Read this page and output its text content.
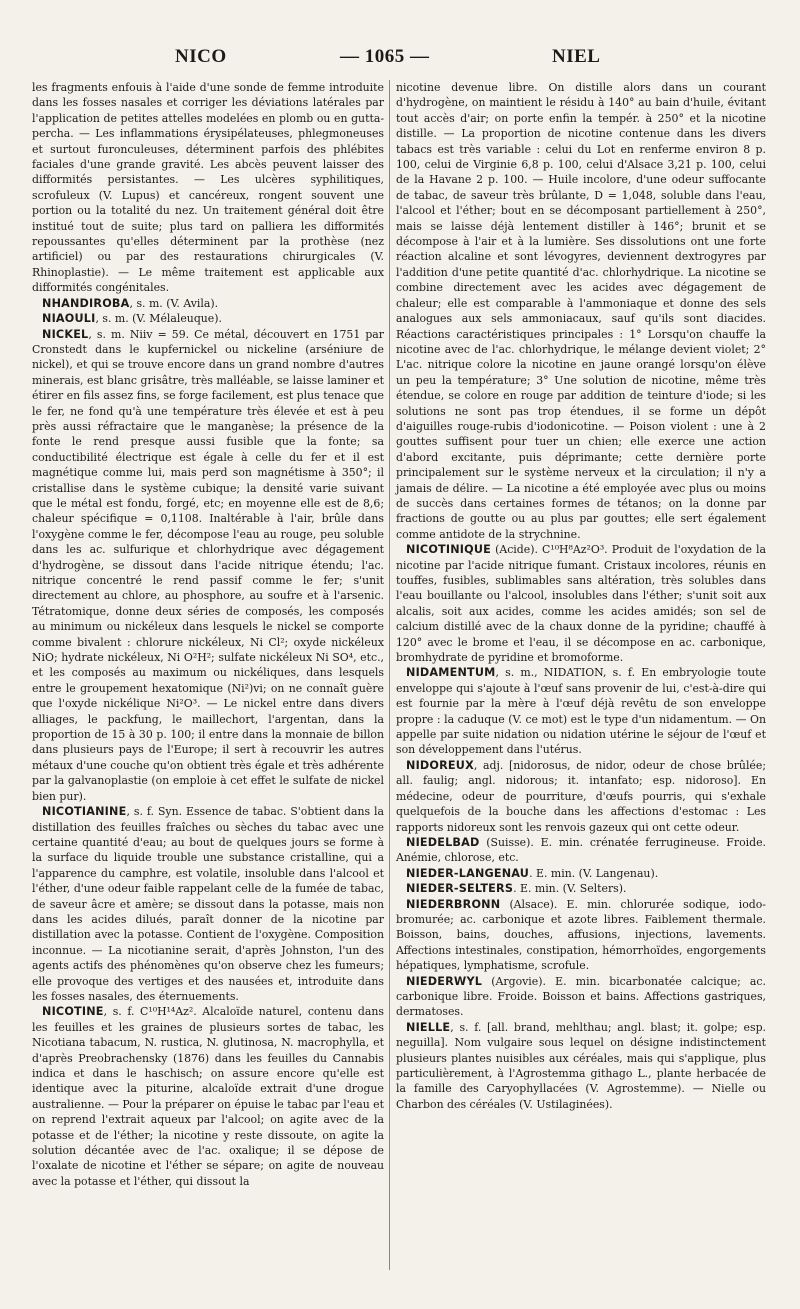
NICO	— 1065 —	NIEL

les fragments enfouis à l'aide d'une sonde de femme introduite dans les fosses nasales et corriger les déviations latérales par l'application de petites attelles modelées en plomb ou en gutta-percha. — Les inflammations érysipélateuses, phlegmoneuses et surtout furonculeuses, déterminent parfois des phlébites faciales d'une grande gravité. Les abcès peuvent laisser des difformités persistantes. — Les ulcères syphilitiques, scrofuleux (V. Lupus) et cancéreux, rongent souvent une portion ou la totalité du nez. Un traitement général doit être institué tout de suite; plus tard on palliera les difformités repoussantes qu'elles déterminent par la prothèse (nez artificiel) ou par des restaurations chirurgicales (V. Rhinoplastie). — Le même traitement est applicable aux difformités congénitales.

NHANDIROBA, s. m. (V. Avila).

NIAOULI, s. m. (V. Mélaleuque).

NICKEL, s. m. Niiv = 59. Ce métal, découvert en 1751 par Cronstedt dans le kupfernickel ou nickeline (arséniure de nickel), et qui se trouve encore dans un grand nombre d'autres minerais, est blanc grisâtre, très malléable, se laisse laminer et étirer en fils assez fins, se forge facilement, est plus tenace que le fer, ne fond qu'à une température très élevée et est à peu près aussi réfractaire que le manganèse; la présence de la fonte le rend presque aussi fusible que la fonte; sa conductibilité électrique est égale à celle du fer et il est magnétique comme lui, mais perd son magnétisme à 350°; il cristallise dans le système cubique; la densité varie suivant que le métal est fondu, forgé, etc; en moyenne elle est de 8,6; chaleur spécifique = 0,1108. Inaltérable à l'air, brûle dans l'oxygène comme le fer, décompose l'eau au rouge, peu soluble dans les ac. sulfurique et chlorhydrique avec dégagement d'hydrogène, se dissout dans l'acide nitrique étendu; l'ac. nitrique concentré le rend passif comme le fer; s'unit directement au chlore, au phosphore, au soufre et à l'arsenic. Tétratomique, donne deux séries de composés, les composés au minimum ou nickéleux dans lesquels le nickel se comporte comme bivalent : chlorure nickéleux, Ni Cl²; oxyde nickéleux NiO; hydrate nickéleux, Ni O²H²; sulfate nickéleux Ni SO⁴, etc., et les composés au maximum ou nickéliques, dans lesquels entre le groupement hexatomique (Ni²)vi; on ne connaît guère que l'oxyde nickélique Ni²O³. — Le nickel entre dans divers alliages, le packfung, le maillechort, l'argentan, dans la proportion de 15 à 30 p. 100; il entre dans la monnaie de billon dans plusieurs pays de l'Europe; il sert à recouvrir les autres métaux d'une couche qu'on obtient très égale et très adhérente par la galvanoplastie (on emploie à cet effet le sulfate de nickel bien pur).

NICOTIANINE, s. f. Syn. Essence de tabac. S'obtient dans la distillation des feuilles fraîches ou sèches du tabac avec une certaine quantité d'eau; au bout de quelques jours se forme à la surface du liquide trouble une substance cristalline, qui a l'apparence du camphre, est volatile, insoluble dans l'alcool et l'éther, d'une odeur faible rappelant celle de la fumée de tabac, de saveur âcre et amère; se dissout dans la potasse, mais non dans les acides dilués, paraît donner de la nicotine par distillation avec la potasse. Contient de l'oxygène. Composition inconnue. — La nicotianine serait, d'après Johnston, l'un des agents actifs des phénomènes qu'on observe chez les fumeurs; elle provoque des vertiges et des nausées et, introduite dans les fosses nasales, des éternuements.

NICOTINE, s. f. C¹⁰H¹⁴Az². Alcaloïde naturel, contenu dans les feuilles et les graines de plusieurs sortes de tabac, les Nicotiana tabacum, N. rustica, N. glutinosa, N. macrophylla, et d'après Preobrachensky (1876) dans les feuilles du Cannabis indica et dans le haschisch; on assure encore qu'elle est identique avec la piturine, alcaloïde extrait d'une drogue australienne. — Pour la préparer on épuise le tabac par l'eau et on reprend l'extrait aqueux par l'alcool; on agite avec de la potasse et de l'éther; la nicotine y reste dissoute, on agite la solution décantée avec de l'ac. oxalique; il se dépose de l'oxalate de nicotine et l'éther se sépare; on agite de nouveau avec la potasse et l'éther, qui dissout la

nicotine devenue libre. On distille alors dans un courant d'hydrogène, on maintient le résidu à 140° au bain d'huile, évitant tout accès d'air; on porte enfin la tempér. à 250° et la nicotine distille. — La proportion de nicotine contenue dans les divers tabacs est très variable : celui du Lot en renferme environ 8 p. 100, celui de Virginie 6,8 p. 100, celui d'Alsace 3,21 p. 100, celui de la Havane 2 p. 100. — Huile incolore, d'une odeur suffocante de tabac, de saveur très brûlante, D = 1,048, soluble dans l'eau, l'alcool et l'éther; bout en se décomposant partiellement à 250°, mais se laisse déjà lentement distiller à 146°; brunit et se décompose à l'air et à la lumière. Ses dissolutions ont une forte réaction alcaline et sont lévogyres, deviennent dextrogyres par l'addition d'une petite quantité d'ac. chlorhydrique. La nicotine se combine directement avec les acides avec dégagement de chaleur; elle est comparable à l'ammoniaque et donne des sels analogues aux sels ammoniacaux, sauf qu'ils sont diacides. Réactions caractéristiques principales : 1° Lorsqu'on chauffe la nicotine avec de l'ac. chlorhydrique, le mélange devient violet; 2° L'ac. nitrique colore la nicotine en jaune orangé lorsqu'on élève un peu la température; 3° Une solution de nicotine, même très étendue, se colore en rouge par addition de teinture d'iode; si les solutions ne sont pas trop étendues, il se forme un dépôt d'aiguilles rouge-rubis d'iodonicotine. — Poison violent : une à 2 gouttes suffisent pour tuer un chien; elle exerce une action d'abord excitante, puis déprimante; cette dernière porte principalement sur le système nerveux et la circulation; il n'y a jamais de délire. — La nicotine a été employée avec plus ou moins de succès dans certaines formes de tétanos; on la donne par fractions de goutte ou au plus par gouttes; elle sert également comme antidote de la strychnine.

NICOTINIQUE (Acide). C¹⁰H⁸Az²O³. Produit de l'oxydation de la nicotine par l'acide nitrique fumant. Cristaux incolores, réunis en touffes, fusibles, sublimables sans altération, très solubles dans l'eau bouillante ou l'alcool, insolubles dans l'éther; s'unit soit aux alcalis, soit aux acides, comme les acides amidés; son sel de calcium distillé avec de la chaux donne de la pyridine; chauffé à 120° avec le brome et l'eau, il se décompose en ac. carbonique, bromhydrate de pyridine et bromoforme.

NIDAMENTUM, s. m., NIDATION, s. f. En embryologie toute enveloppe qui s'ajoute à l'œuf sans provenir de lui, c'est-à-dire qui est fournie par la mère à l'œuf déjà revêtu de son enveloppe propre : la caduque (V. ce mot) est le type d'un nidamentum. — On appelle par suite nidation ou nidation utérine le séjour de l'œuf et son développement dans l'utérus.

NIDOREUX, adj. [nidorosus, de nidor, odeur de chose brûlée; all. faulig; angl. nidorous; it. intanfato; esp. nidoroso]. En médecine, odeur de pourriture, d'œufs pourris, qui s'exhale quelquefois de la bouche dans les affections d'estomac : Les rapports nidoreux sont les renvois gazeux qui ont cette odeur.

NIEDELBAD (Suisse). E. min. crénatée ferrugineuse. Froide. Anémie, chlorose, etc.

NIEDER-LANGENAU. E. min. (V. Langenau).

NIEDER-SELTERS. E. min. (V. Selters).

NIEDERBRONN (Alsace). E. min. chlorurée sodique, iodo-bromurée; ac. carbonique et azote libres. Faiblement thermale. Boisson, bains, douches, affusions, injections, lavements. Affections intestinales, constipation, hémorrhoïdes, engorgements hépatiques, lymphatisme, scrofule.

NIEDERWYL (Argovie). E. min. bicarbonatée calcique; ac. carbonique libre. Froide. Boisson et bains. Affections gastriques, dermatoses.

NIELLE, s. f. [all. brand, mehlthau; angl. blast; it. golpe; esp. neguilla]. Nom vulgaire sous lequel on désigne indistinctement plusieurs plantes nuisibles aux céréales, mais qui s'applique, plus particulièrement, à l'Agrostemma githago L., plante herbacée de la famille des Caryophyllacées (V. Agrostemme). — Nielle ou Charbon des céréales (V. Ustilaginées).
